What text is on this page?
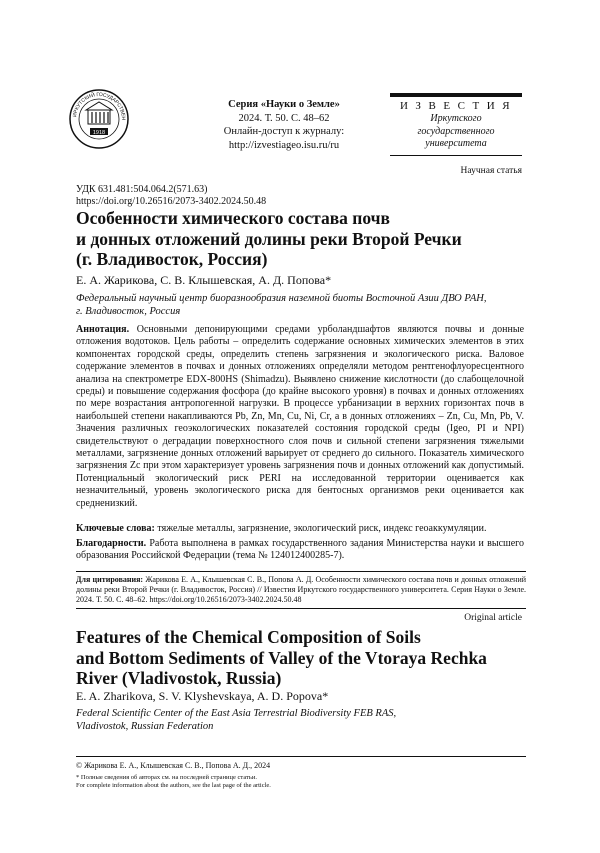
ИРКУТСКИЙ ГОСУДАРСТВЕН
1918
Серия «Науки о Земле»
2024. Т. 50. С. 48–62
Онлайн-доступ к журналу:
http://izvestiageo.isu.ru/ru
И З В Е С Т И Я
Иркутского
государственного
университета
Научная статья
УДК 631.481:504.064.2(571.63)
https://doi.org/10.26516/2073-3402.2024.50.48
Особенности химического состава почв
и донных отложений долины реки Второй Речки
(г. Владивосток, Россия)
Е. А. Жарикова, С. В. Клышевская, А. Д. Попова*
Федеральный научный центр биоразнообразия наземной биоты Восточной Азии ДВО РАН,
г. Владивосток, Россия
Аннотация. Основными депонирующими средами урболандшафтов являются почвы и донные отложения водотоков. Цель работы – определить содержание основных химических элементов в этих компонентах городской среды, определить степень загрязнения и экологического риска. Валовое содержание элементов в почвах и донных отложениях определяли методом рентгенофлуоресцентного анализа на спектрометре EDX-800HS (Shimadzu). Выявлено снижение кислотности (до слабощелочной среды) и повышение содержания фосфора (до крайне высокого уровня) в почвах и донных отложениях по мере возрастания антропогенной нагрузки. В процессе урбанизации в верхних горизонтах почв в наибольшей степени накапливаются Pb, Zn, Mn, Cu, Ni, Cr, а в донных отложениях – Zn, Cu, Mn, Pb, V. Значения различных геоэкологических показателей состояния городской среды (Igeo, PI и NPI) свидетельствуют о деградации поверхностного слоя почв и сильной степени загрязнения тяжелыми металлами, загрязнение донных отложений варьирует от среднего до сильного. Показатель химического загрязнения Zc при этом характеризует уровень загрязнения почв и донных отложений как допустимый. Потенциальный экологический риск PERI на исследованной территории оценивается как незначительный, уровень экологического риска для бентосных организмов реки оценивается как средненизкий.
Ключевые слова: тяжелые металлы, загрязнение, экологический риск, индекс геоаккумуляции.
Благодарности. Работа выполнена в рамках государственного задания Министерства науки и высшего образования Российской Федерации (тема № 124012400285-7).
Для цитирования: Жарикова Е. А., Клышевская С. В., Попова А. Д. Особенности химического состава почв и донных отложений долины реки Второй Речки (г. Владивосток, Россия) // Известия Иркутского государственного университета. Серия Науки о Земле. 2024. Т. 50. С. 48–62. https://doi.org/10.26516/2073-3402.2024.50.48
Original article
Features of the Chemical Composition of Soils
and Bottom Sediments of Valley of the Vtoraya Rechka
River (Vladivostok, Russia)
E. A. Zharikova, S. V. Klyshevskaya, A. D. Popova*
Federal Scientific Center of the East Asia Terrestrial Biodiversity FEB RAS,
Vladivostok, Russian Federation
© Жарикова Е. А., Клышевская С. В., Попова А. Д., 2024
* Полные сведения об авторах см. на последней странице статьи.
For complete information about the authors, see the last page of the article.
